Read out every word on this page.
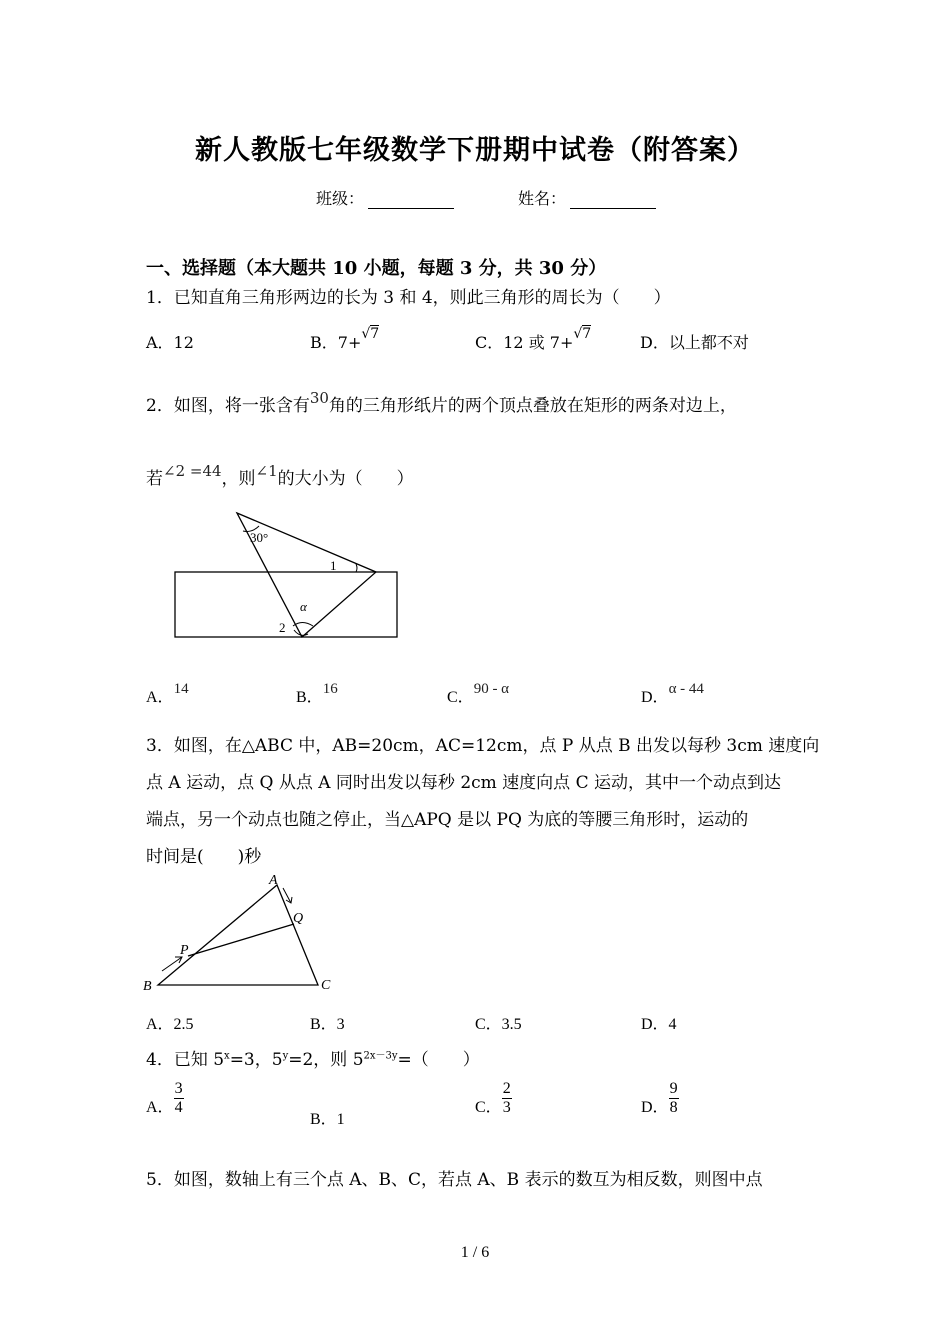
新人教版七年级数学下册期中试卷（附答案）
班级：	姓名：
一、选择题（本大题共 10 小题，每题 3 分，共 30 分）
1．已知直角三角形两边的长为 3 和 4，则此三角形的周长为（　　）
A．12	B．7+√7	C．12 或 7+√7	D．以上都不对
2．如图，将一张含有30角的三角形纸片的两个顶点叠放在矩形的两条对边上，
若∠2 =44，则∠1的大小为（　　）
30°
1
α
2
A．14	B．16	C．90 - α	D．α - 44
3．如图，在△ABC 中，AB=20cm，AC=12cm，点 P 从点 B 出发以每秒 3cm 速度向
点 A 运动，点 Q 从点 A 同时出发以每秒 2cm 速度向点 C 运动，其中一个动点到达
端点，另一个动点也随之停止，当△APQ 是以 PQ 为底的等腰三角形时，运动的
时间是(　　)秒
A
B	C
P
Q
A．2.5	B．3	C．3.5	D．4
4．已知 $5^x=3$，$5^y=2$，则 $5^{2x-3y}=$（　　）
A． $\frac{3}{4}$
B．1
C． $\frac{2}{3}$	D． $\frac{9}{8}$
5．如图，数轴上有三个点 A、B、C，若点 A、B 表示的数互为相反数，则图中点
1 / 6
